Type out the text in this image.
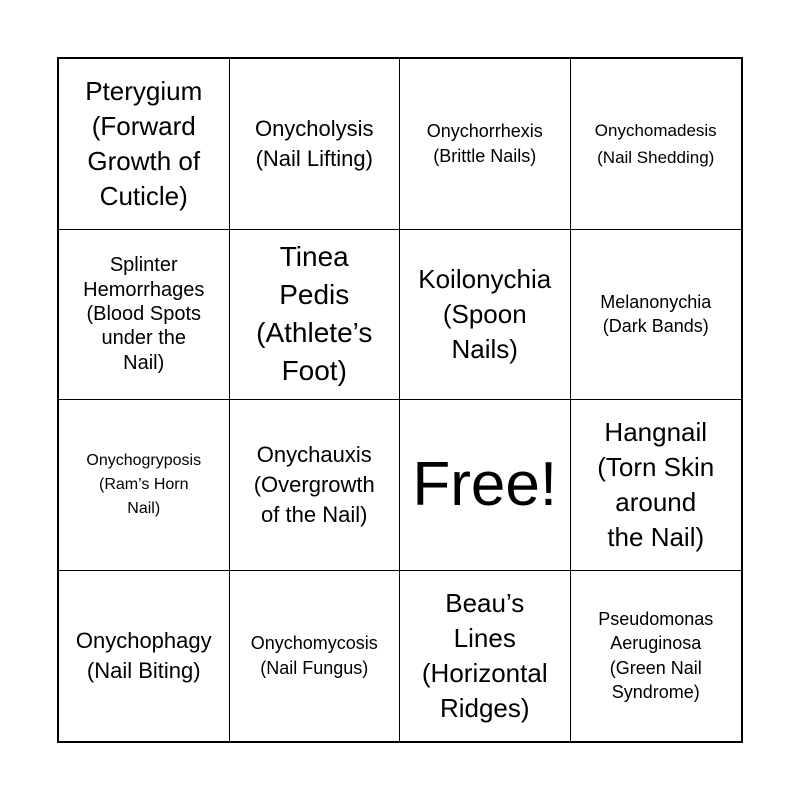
Pterygium
(Forward
Growth of
Cuticle)
Onycholysis
(Nail Lifting)
Onychorrhexis
(Brittle Nails)
Onychomadesis
(Nail Shedding)
Splinter
Hemorrhages
(Blood Spots
under the
Nail)
Tinea
Pedis
(Athlete’s
Foot)
Koilonychia
(Spoon
Nails)
Melanonychia
(Dark Bands)
Onychogryposis
(Ram’s Horn
Nail)
Onychauxis
(Overgrowth
of the Nail) Free!
Hangnail
(Torn Skin
around
the Nail)
Onychophagy
(Nail Biting)
Onychomycosis
(Nail Fungus)
Beau’s
Lines
(Horizontal
Ridges)
Pseudomonas
Aeruginosa
(Green Nail
Syndrome)
